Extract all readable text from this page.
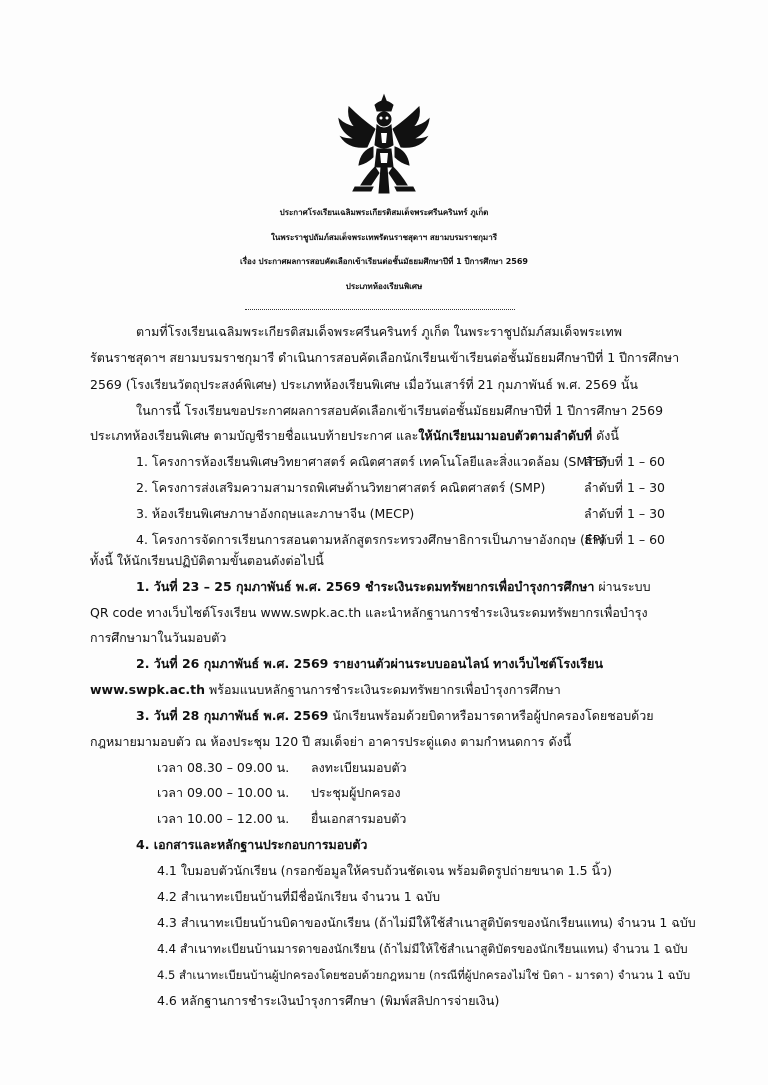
ประกาศโรงเรียนเฉลิมพระเกียรติสมเด็จพระศรีนครินทร์ ภูเก็ต
ในพระราชูปถัมภ์สมเด็จพระเทพรัตนราชสุดาฯ สยามบรมราชกุมารี
เรื่อง ประกาศผลการสอบคัดเลือกเข้าเรียนต่อชั้นมัธยมศึกษาปีที่ 1 ปีการศึกษา 2569
ประเภทห้องเรียนพิเศษ
ตามที่โรงเรียนเฉลิมพระเกียรติสมเด็จพระศรีนครินทร์ ภูเก็ต ในพระราชูปถัมภ์สมเด็จพระเทพ
รัตนราชสุดาฯ สยามบรมราชกุมารี ดำเนินการสอบคัดเลือกนักเรียนเข้าเรียนต่อชั้นมัธยมศึกษาปีที่ 1 ปีการศึกษา
2569 (โรงเรียนวัตถุประสงค์พิเศษ) ประเภทห้องเรียนพิเศษ เมื่อวันเสาร์ที่ 21 กุมภาพันธ์ พ.ศ. 2569 นั้น
ในการนี้ โรงเรียนขอประกาศผลการสอบคัดเลือกเข้าเรียนต่อชั้นมัธยมศึกษาปีที่ 1 ปีการศึกษา 2569
ประเภทห้องเรียนพิเศษ ตามบัญชีรายชื่อแนบท้ายประกาศ และให้นักเรียนมามอบตัวตามลำดับที่ ดังนี้
1. โครงการห้องเรียนพิเศษวิทยาศาสตร์ คณิตศาสตร์ เทคโนโลยีและสิ่งแวดล้อม (SMTE)
ลำดับที่ 1 – 60
2. โครงการส่งเสริมความสามารถพิเศษด้านวิทยาศาสตร์ คณิตศาสตร์ (SMP)	ลำดับที่ 1 – 30
3. ห้องเรียนพิเศษภาษาอังกฤษและภาษาจีน (MECP)	ลำดับที่ 1 – 30
4. โครงการจัดการเรียนการสอนตามหลักสูตรกระทรวงศึกษาธิการเป็นภาษาอังกฤษ (EP)
ลำดับที่ 1 – 60
ทั้งนี้ ให้นักเรียนปฏิบัติตามขั้นตอนดังต่อไปนี้
1. วันที่ 23 – 25 กุมภาพันธ์ พ.ศ. 2569 ชำระเงินระดมทรัพยากรเพื่อบำรุงการศึกษา ผ่านระบบ
QR code ทางเว็บไซต์โรงเรียน www.swpk.ac.th และนำหลักฐานการชำระเงินระดมทรัพยากรเพื่อบำรุง
การศึกษามาในวันมอบตัว
2. วันที่ 26 กุมภาพันธ์ พ.ศ. 2569 รายงานตัวผ่านระบบออนไลน์ ทางเว็บไซต์โรงเรียน
www.swpk.ac.th พร้อมแนบหลักฐานการชำระเงินระดมทรัพยากรเพื่อบำรุงการศึกษา
3. วันที่ 28 กุมภาพันธ์ พ.ศ. 2569 นักเรียนพร้อมด้วยบิดาหรือมารดาหรือผู้ปกครองโดยชอบด้วย
กฎหมายมามอบตัว ณ ห้องประชุม 120 ปี สมเด็จย่า อาคารประดู่แดง ตามกำหนดการ ดังนี้
เวลา 08.30 – 09.00 น. ลงทะเบียนมอบตัว
เวลา 09.00 – 10.00 น. ประชุมผู้ปกครอง
เวลา 10.00 – 12.00 น. ยื่นเอกสารมอบตัว
4. เอกสารและหลักฐานประกอบการมอบตัว
4.1 ใบมอบตัวนักเรียน (กรอกข้อมูลให้ครบถ้วนชัดเจน พร้อมติดรูปถ่ายขนาด 1.5 นิ้ว)
4.2 สำเนาทะเบียนบ้านที่มีชื่อนักเรียน จำนวน 1 ฉบับ
4.3 สำเนาทะเบียนบ้านบิดาของนักเรียน (ถ้าไม่มีให้ใช้สำเนาสูติบัตรของนักเรียนแทน) จำนวน 1 ฉบับ
4.4 สำเนาทะเบียนบ้านมารดาของนักเรียน (ถ้าไม่มีให้ใช้สำเนาสูติบัตรของนักเรียนแทน) จำนวน 1 ฉบับ
4.5 สำเนาทะเบียนบ้านผู้ปกครองโดยชอบด้วยกฎหมาย (กรณีที่ผู้ปกครองไม่ใช่ บิดา - มารดา) จำนวน 1 ฉบับ
4.6 หลักฐานการชำระเงินบำรุงการศึกษา (พิมพ์สลิปการจ่ายเงิน)
